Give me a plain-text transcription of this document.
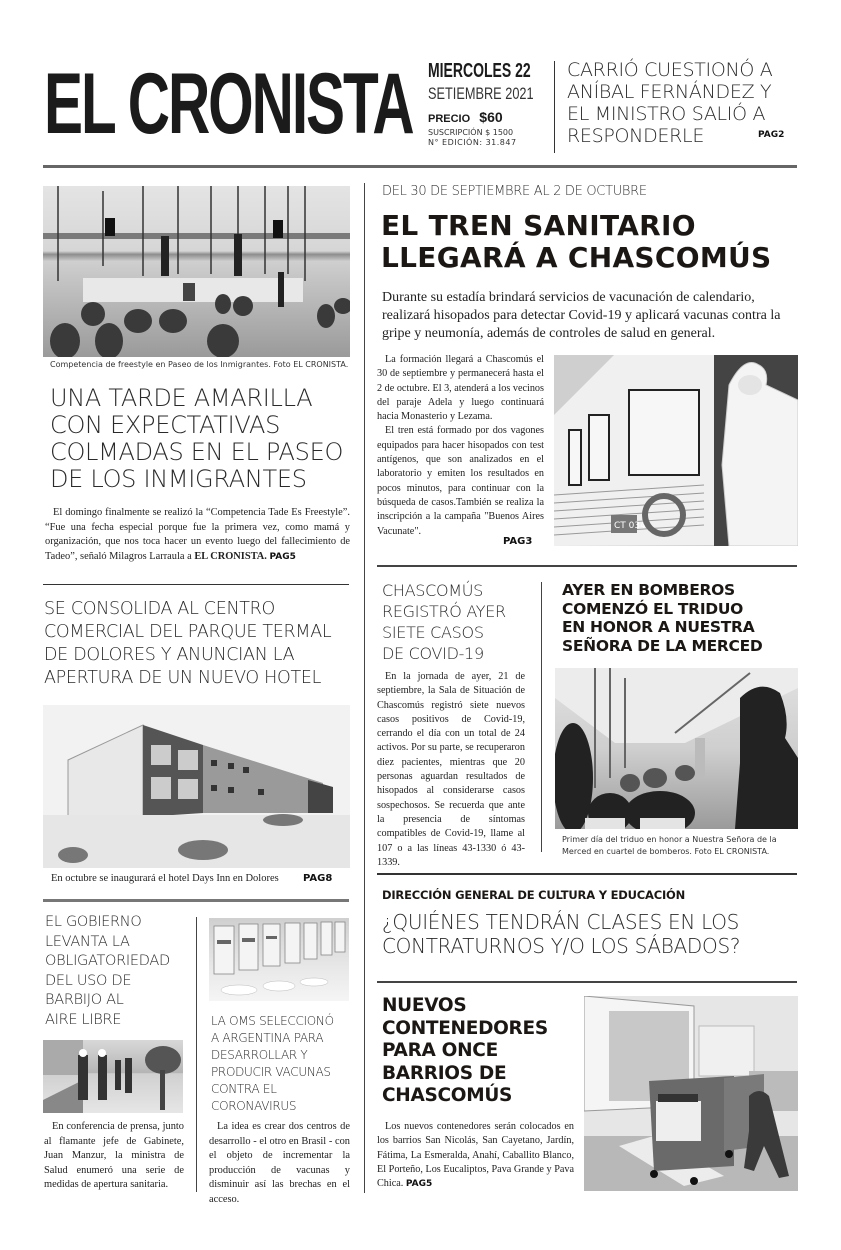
EL CRONISTA MIERCOLES 22
SETIEMBRE 2021
PRECIO $60
SUSCRIPCIÓN $ 1500
N° EDICIÓN: 31.847
CARRIÓ CUESTIONÓ A
ANÍBAL FERNÁNDEZ Y
EL MINISTRO SALIÓ A
RESPONDERLE	PAG2
Competencia de freestyle en Paseo de los Inmigrantes. Foto EL CRONISTA.
UNA TARDE AMARILLA
CON EXPECTATIVAS
COLMADAS EN EL PASEO
DE LOS INMIGRANTES
El domingo finalmente se realizó la “Competencia Tade Es Freestyle”. “Fue una fecha especial porque fue la primera vez, como mamá y organización, que nos toca hacer un evento luego del fallecimiento de Tadeo”, señaló Milagros Larraula a EL CRONISTA. PAG5
SE CONSOLIDA AL CENTRO
COMERCIAL DEL PARQUE TERMAL
DE DOLORES Y ANUNCIAN LA
APERTURA DE UN NUEVO HOTEL
En octubre se inaugurará el hotel Days Inn en Dolores PAG8
EL GOBIERNO
LEVANTA LA
OBLIGATORIEDAD
DEL USO DE
BARBIJO AL
AIRE LIBRE
En conferencia de prensa, junto al flamante jefe de Gabinete, Juan Manzur, la ministra de Salud enumeró una serie de medidas de apertura sanitaria.
LA OMS SELECCIONÓ
A ARGENTINA PARA
DESARROLLAR Y
PRODUCIR VACUNAS
CONTRA EL
CORONAVIRUS
La idea es crear dos centros de desarrollo - el otro en Brasil - con el objeto de incrementar la producción de vacunas y disminuir así las brechas en el acceso.
DEL 30 DE SEPTIEMBRE AL 2 DE OCTUBRE
EL TREN SANITARIO
LLEGARÁ A CHASCOMÚS
Durante su estadía brindará servicios de vacunación de calendario, realizará hisopados para detectar Covid-19 y aplicará vacunas contra la gripe y neumonía, además de controles de salud en general.

La formación llegará a Chascomús el 30 de septiembre y permanecerá hasta el 2 de octubre. El 3, atenderá a los vecinos del paraje Adela y luego continuará hacia Monasterio y Lezama.

El tren está formado por dos vagones equipados para hacer hisopados con test antígenos, que son analizados en el laboratorio y emiten los resultados en pocos minutos, para continuar con la búsqueda de casos.También se realiza la inscripción a la campaña "Buenos Aires Vacunate".

PAG3
CT 034
CHASCOMÚS
REGISTRÓ AYER
SIETE CASOS
DE COVID-19
En la jornada de ayer, 21 de septiembre, la Sala de Situación de Chascomús registró siete nuevos casos positivos de Covid-19, cerrando el día con un total de 24 activos. Por su parte, se recuperaron diez pacientes, mientras que 20 personas aguardan resultados de hisopados al considerarse casos sospechosos. Se recuerda que ante la presencia de síntomas compatibles de Covid-19, llame al 107 o a las líneas 43-1330 ó 43-1339.
AYER EN BOMBEROS
COMENZÓ EL TRIDUO
EN HONOR A NUESTRA
SEÑORA DE LA MERCED
Primer día del triduo en honor a Nuestra Señora de la Merced en cuartel de bomberos. Foto EL CRONISTA.
DIRECCIÓN GENERAL DE CULTURA Y EDUCACIÓN
¿QUIÉNES TENDRÁN CLASES EN LOS
CONTRATURNOS Y/O LOS SÁBADOS?
NUEVOS
CONTENEDORES
PARA ONCE
BARRIOS DE
CHASCOMÚS
Los nuevos contenedores serán colocados en los barrios San Nicolás, San Cayetano, Jardín, Fátima, La Esmeralda, Anahí, Caballito Blanco, El Porteño, Los Eucaliptos, Pava Grande y Pava Chica. PAG5
